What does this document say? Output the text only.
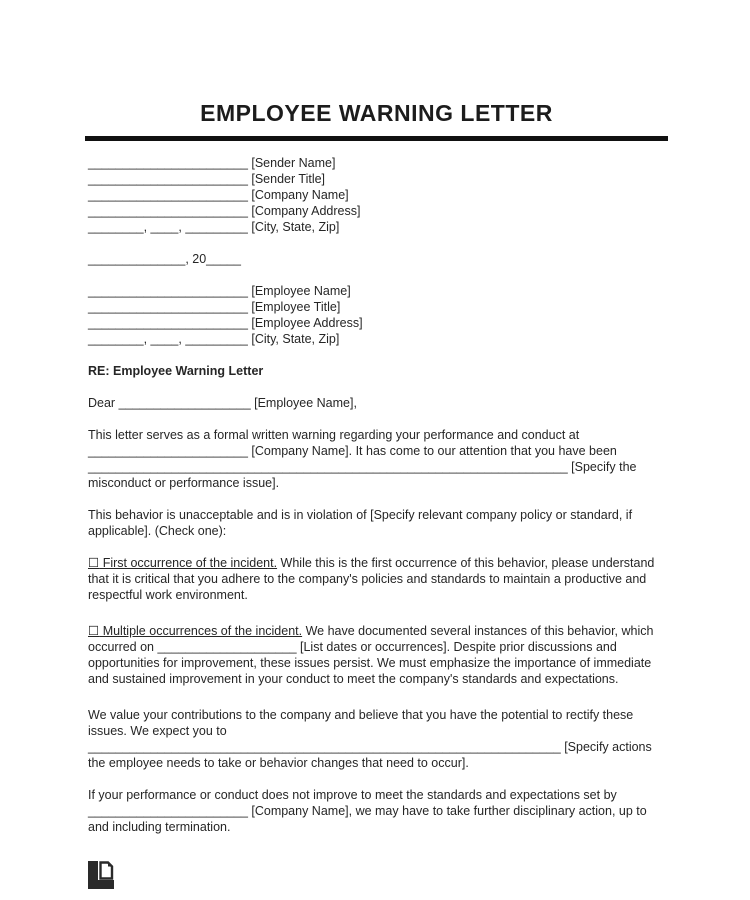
EMPLOYEE WARNING LETTER
_______________________ [Sender Name]
_______________________ [Sender Title]
_______________________ [Company Name]
_______________________ [Company Address]
________, ____, _________ [City, State, Zip]
______________, 20_____
_______________________ [Employee Name]
_______________________ [Employee Title]
_______________________ [Employee Address]
________, ____, _________ [City, State, Zip]
RE: Employee Warning Letter
Dear ___________________ [Employee Name],
This letter serves as a formal written warning regarding your performance and conduct at
_______________________ [Company Name]. It has come to our attention that you have been
_____________________________________________________________________ [Specify the
misconduct or performance issue].
This behavior is unacceptable and is in violation of [Specify relevant company policy or standard, if
applicable]. (Check one):
☐ First occurrence of the incident. While this is the first occurrence of this behavior, please understand
that it is critical that you adhere to the company's policies and standards to maintain a productive and
respectful work environment.
☐ Multiple occurrences of the incident. We have documented several instances of this behavior, which
occurred on ____________________ [List dates or occurrences]. Despite prior discussions and
opportunities for improvement, these issues persist. We must emphasize the importance of immediate
and sustained improvement in your conduct to meet the company's standards and expectations.
We value your contributions to the company and believe that you have the potential to rectify these
issues. We expect you to
____________________________________________________________________ [Specify actions
the employee needs to take or behavior changes that need to occur].
If your performance or conduct does not improve to meet the standards and expectations set by
_______________________ [Company Name], we may have to take further disciplinary action, up to
and including termination.
